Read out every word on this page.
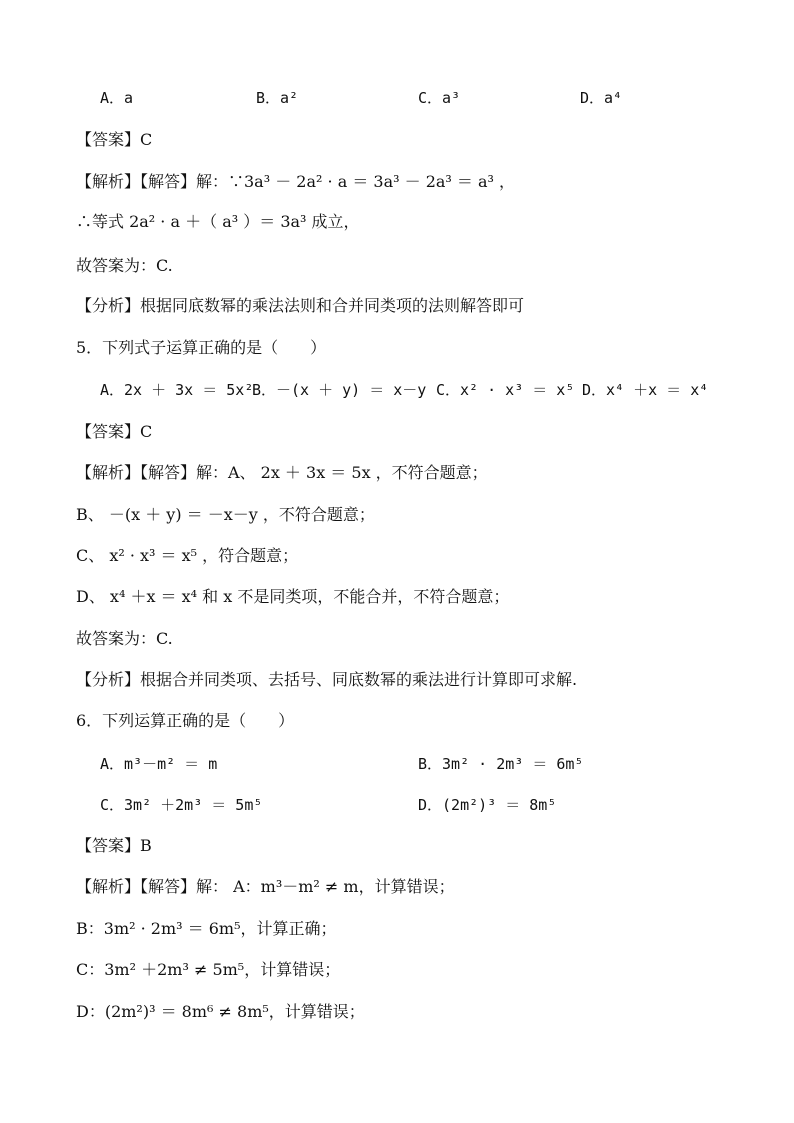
A．a	B．a²	C．a³	D．a⁴
【答案】C
【解析】【解答】解：∵3a³ － 2a² · a ＝ 3a³ － 2a³ ＝ a³ ，
∴等式 2a² · a ＋（ a³ ）＝ 3a³ 成立，
故答案为：C.
【分析】根据同底数幂的乘法法则和合并同类项的法则解答即可
5．下列式子运算正确的是（　　）
A．2x ＋ 3x ＝ 5x²
B．－(x ＋ y) ＝ x－y C．x² · x³ ＝ x⁵ D．x⁴ ＋x ＝ x⁴
【答案】C
【解析】【解答】解：A、 2x ＋ 3x ＝ 5x ，不符合题意；
B、 －(x ＋ y) ＝ －x－y ，不符合题意；
C、 x² · x³ ＝ x⁵ ，符合题意；
D、 x⁴ ＋x ＝ x⁴ 和 x 不是同类项，不能合并，不符合题意；
故答案为：C.
【分析】根据合并同类项、去括号、同底数幂的乘法进行计算即可求解.
6．下列运算正确的是（　　）
A．m³－m² ＝ m	B．3m² · 2m³ ＝ 6m⁵
C．3m² ＋2m³ ＝ 5m⁵	D．(2m²)³ ＝ 8m⁵
【答案】B
【解析】【解答】解： A：m³－m² ≠ m，计算错误；
B：3m² · 2m³ ＝ 6m⁵，计算正确；
C：3m² ＋2m³ ≠ 5m⁵，计算错误；
D：(2m²)³ ＝ 8m⁶ ≠ 8m⁵，计算错误；
